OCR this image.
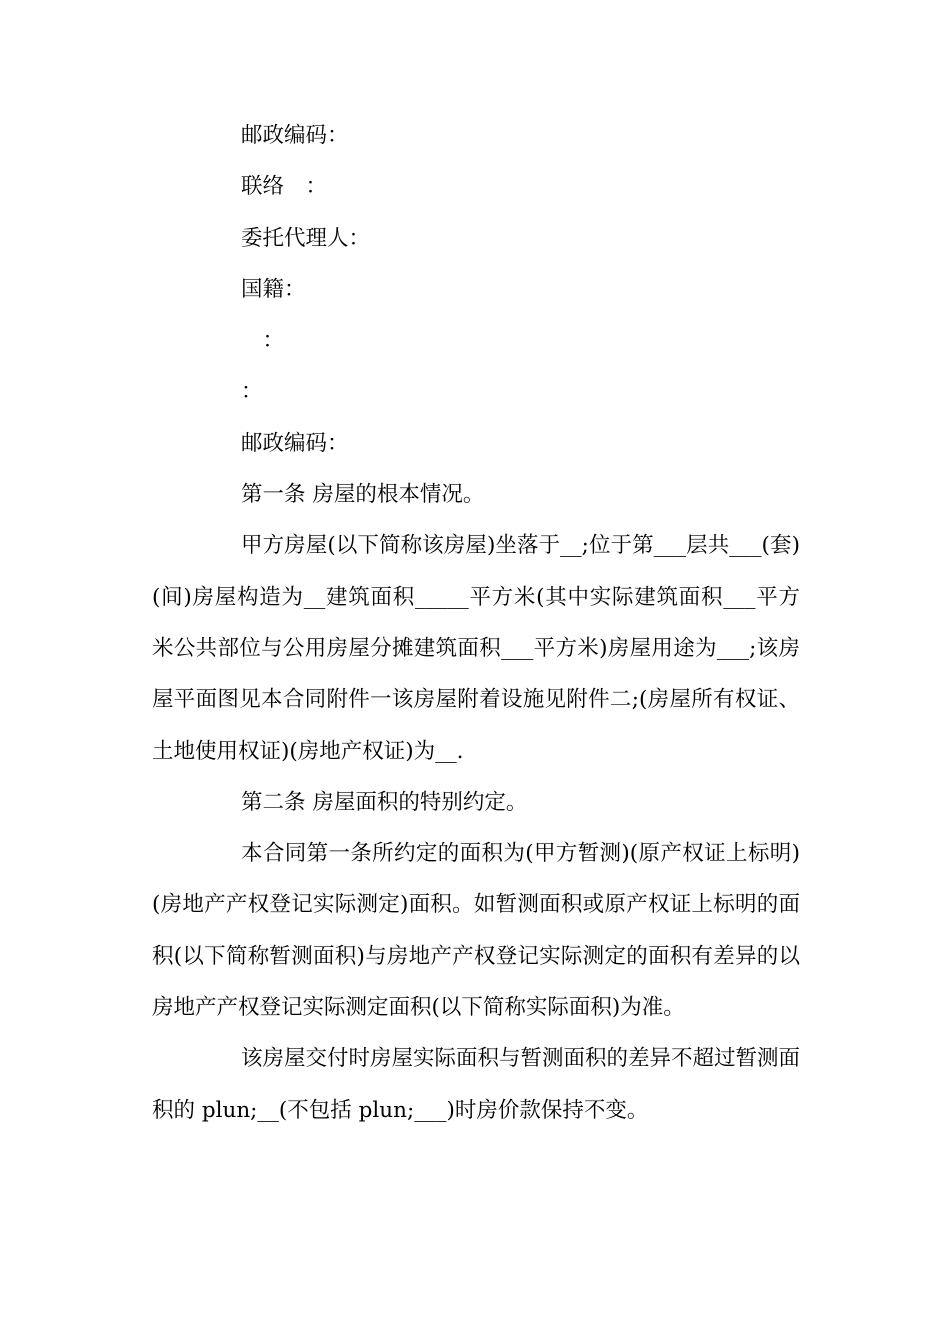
邮政编码：

联络　：

委托代理人：

国籍：

　：

：

邮政编码：

第一条 房屋的根本情况。

甲方房屋(以下简称该房屋)坐落于__;位于第___层共___(套)(间)房屋构造为__建筑面积_____平方米(其中实际建筑面积___平方米公共部位与公用房屋分摊建筑面积___平方米)房屋用途为___;该房屋平面图见本合同附件一该房屋附着设施见附件二;(房屋所有权证、土地使用权证)(房地产权证)为__.

第二条 房屋面积的特别约定。

本合同第一条所约定的面积为(甲方暂测)(原产权证上标明)(房地产产权登记实际测定)面积。如暂测面积或原产权证上标明的面积(以下简称暂测面积)与房地产产权登记实际测定的面积有差异的以房地产产权登记实际测定面积(以下简称实际面积)为准。

该房屋交付时房屋实际面积与暂测面积的差异不超过暂测面积的 plun;__(不包括 plun;___)时房价款保持不变。
